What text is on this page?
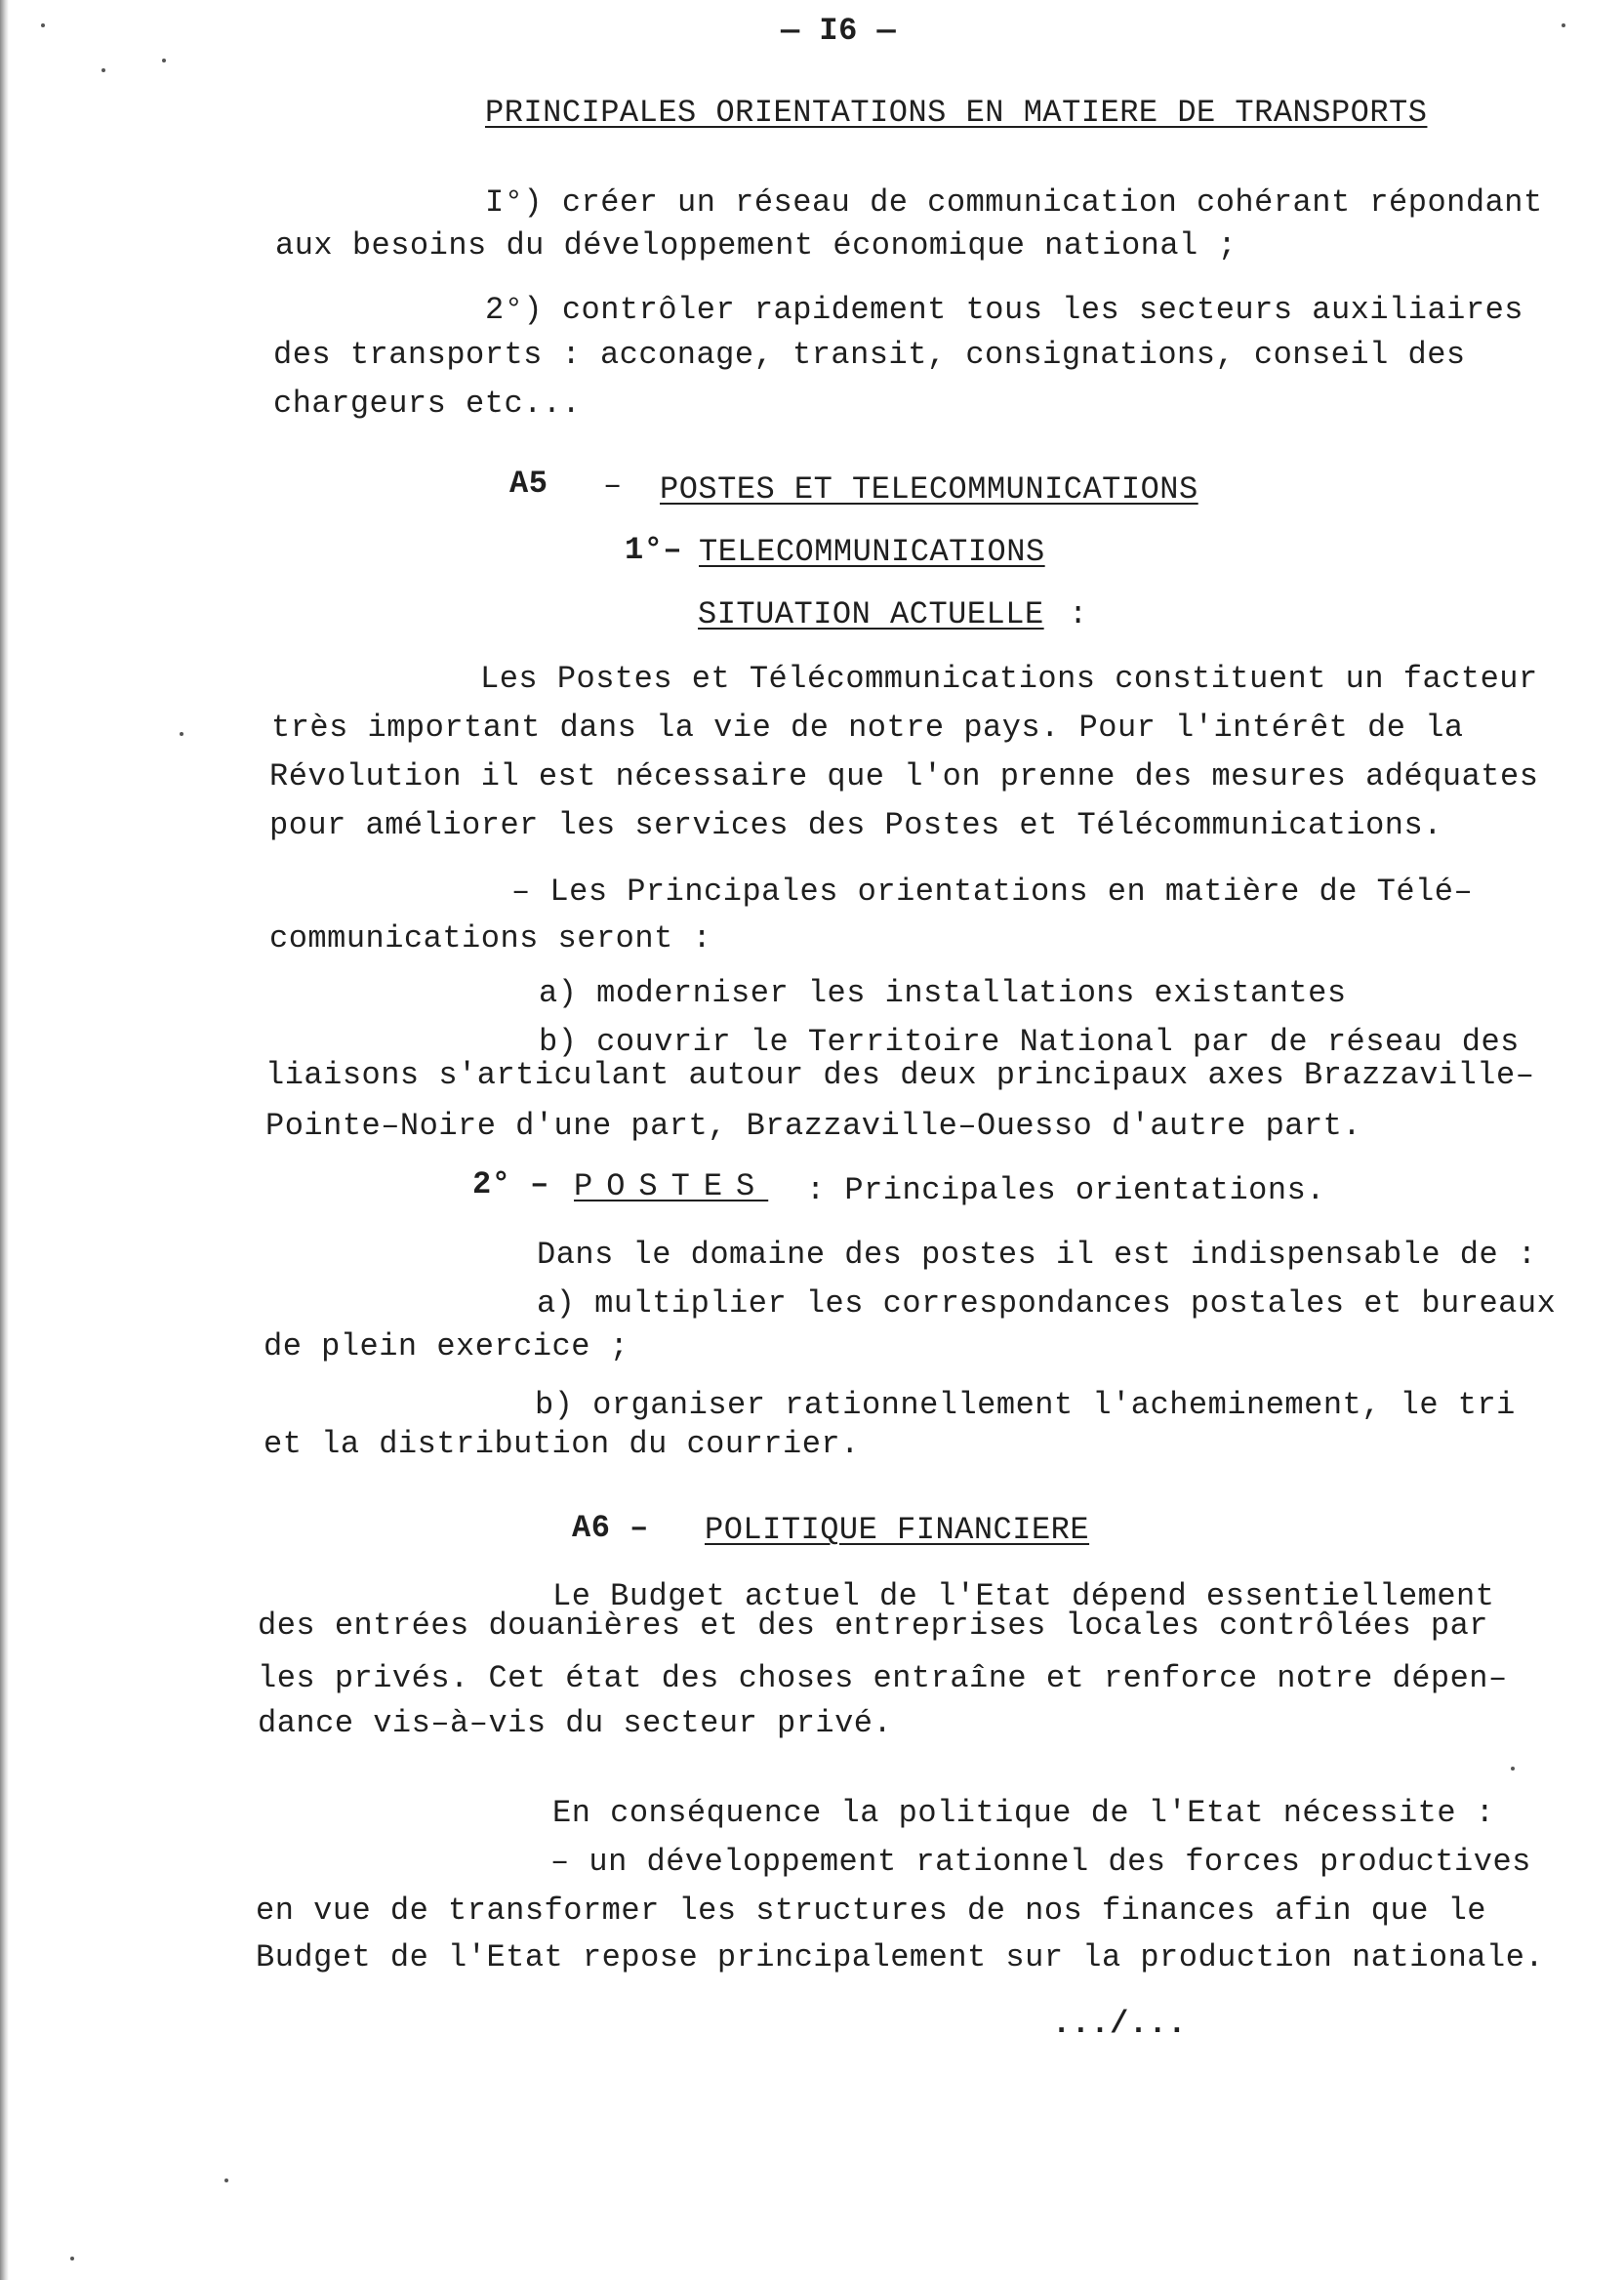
— I6 —
PRINCIPALES ORIENTATIONS EN MATIERE DE TRANSPORTS
I°) créer un réseau de communication cohérant répondant
aux besoins du développement économique national ;
2°) contrôler rapidement tous les secteurs auxiliaires
des transports : acconage, transit, consignations, conseil des
chargeurs etc...
A5 – POSTES ET TELECOMMUNICATIONS
1°– TELECOMMUNICATIONS
SITUATION ACTUELLE :
Les Postes et Télécommunications constituent un facteur
très important dans la vie de notre pays. Pour l'intérêt de la
Révolution il est nécessaire que l'on prenne des mesures adéquates
pour améliorer les services des Postes et Télécommunications.
– Les Principales orientations en matière de Télé–
communications seront :
a) moderniser les installations existantes
b) couvrir le Territoire National par de réseau des
liaisons s'articulant autour des deux principaux axes Brazzaville–
Pointe–Noire d'une part, Brazzaville–Ouesso d'autre part.
2° – POSTES : Principales orientations.
Dans le domaine des postes il est indispensable de :
a) multiplier les correspondances postales et bureaux
de plein exercice ;
b) organiser rationnellement l'acheminement, le tri
et la distribution du courrier.
A6 – POLITIQUE FINANCIERE
Le Budget actuel de l'Etat dépend essentiellement
des entrées douanières et des entreprises locales contrôlées par
les privés. Cet état des choses entraîne et renforce notre dépen–
dance vis–à–vis du secteur privé.
En conséquence la politique de l'Etat nécessite :
– un développement rationnel des forces productives
en vue de transformer les structures de nos finances afin que le
Budget de l'Etat repose principalement sur la production nationale.
.../...
